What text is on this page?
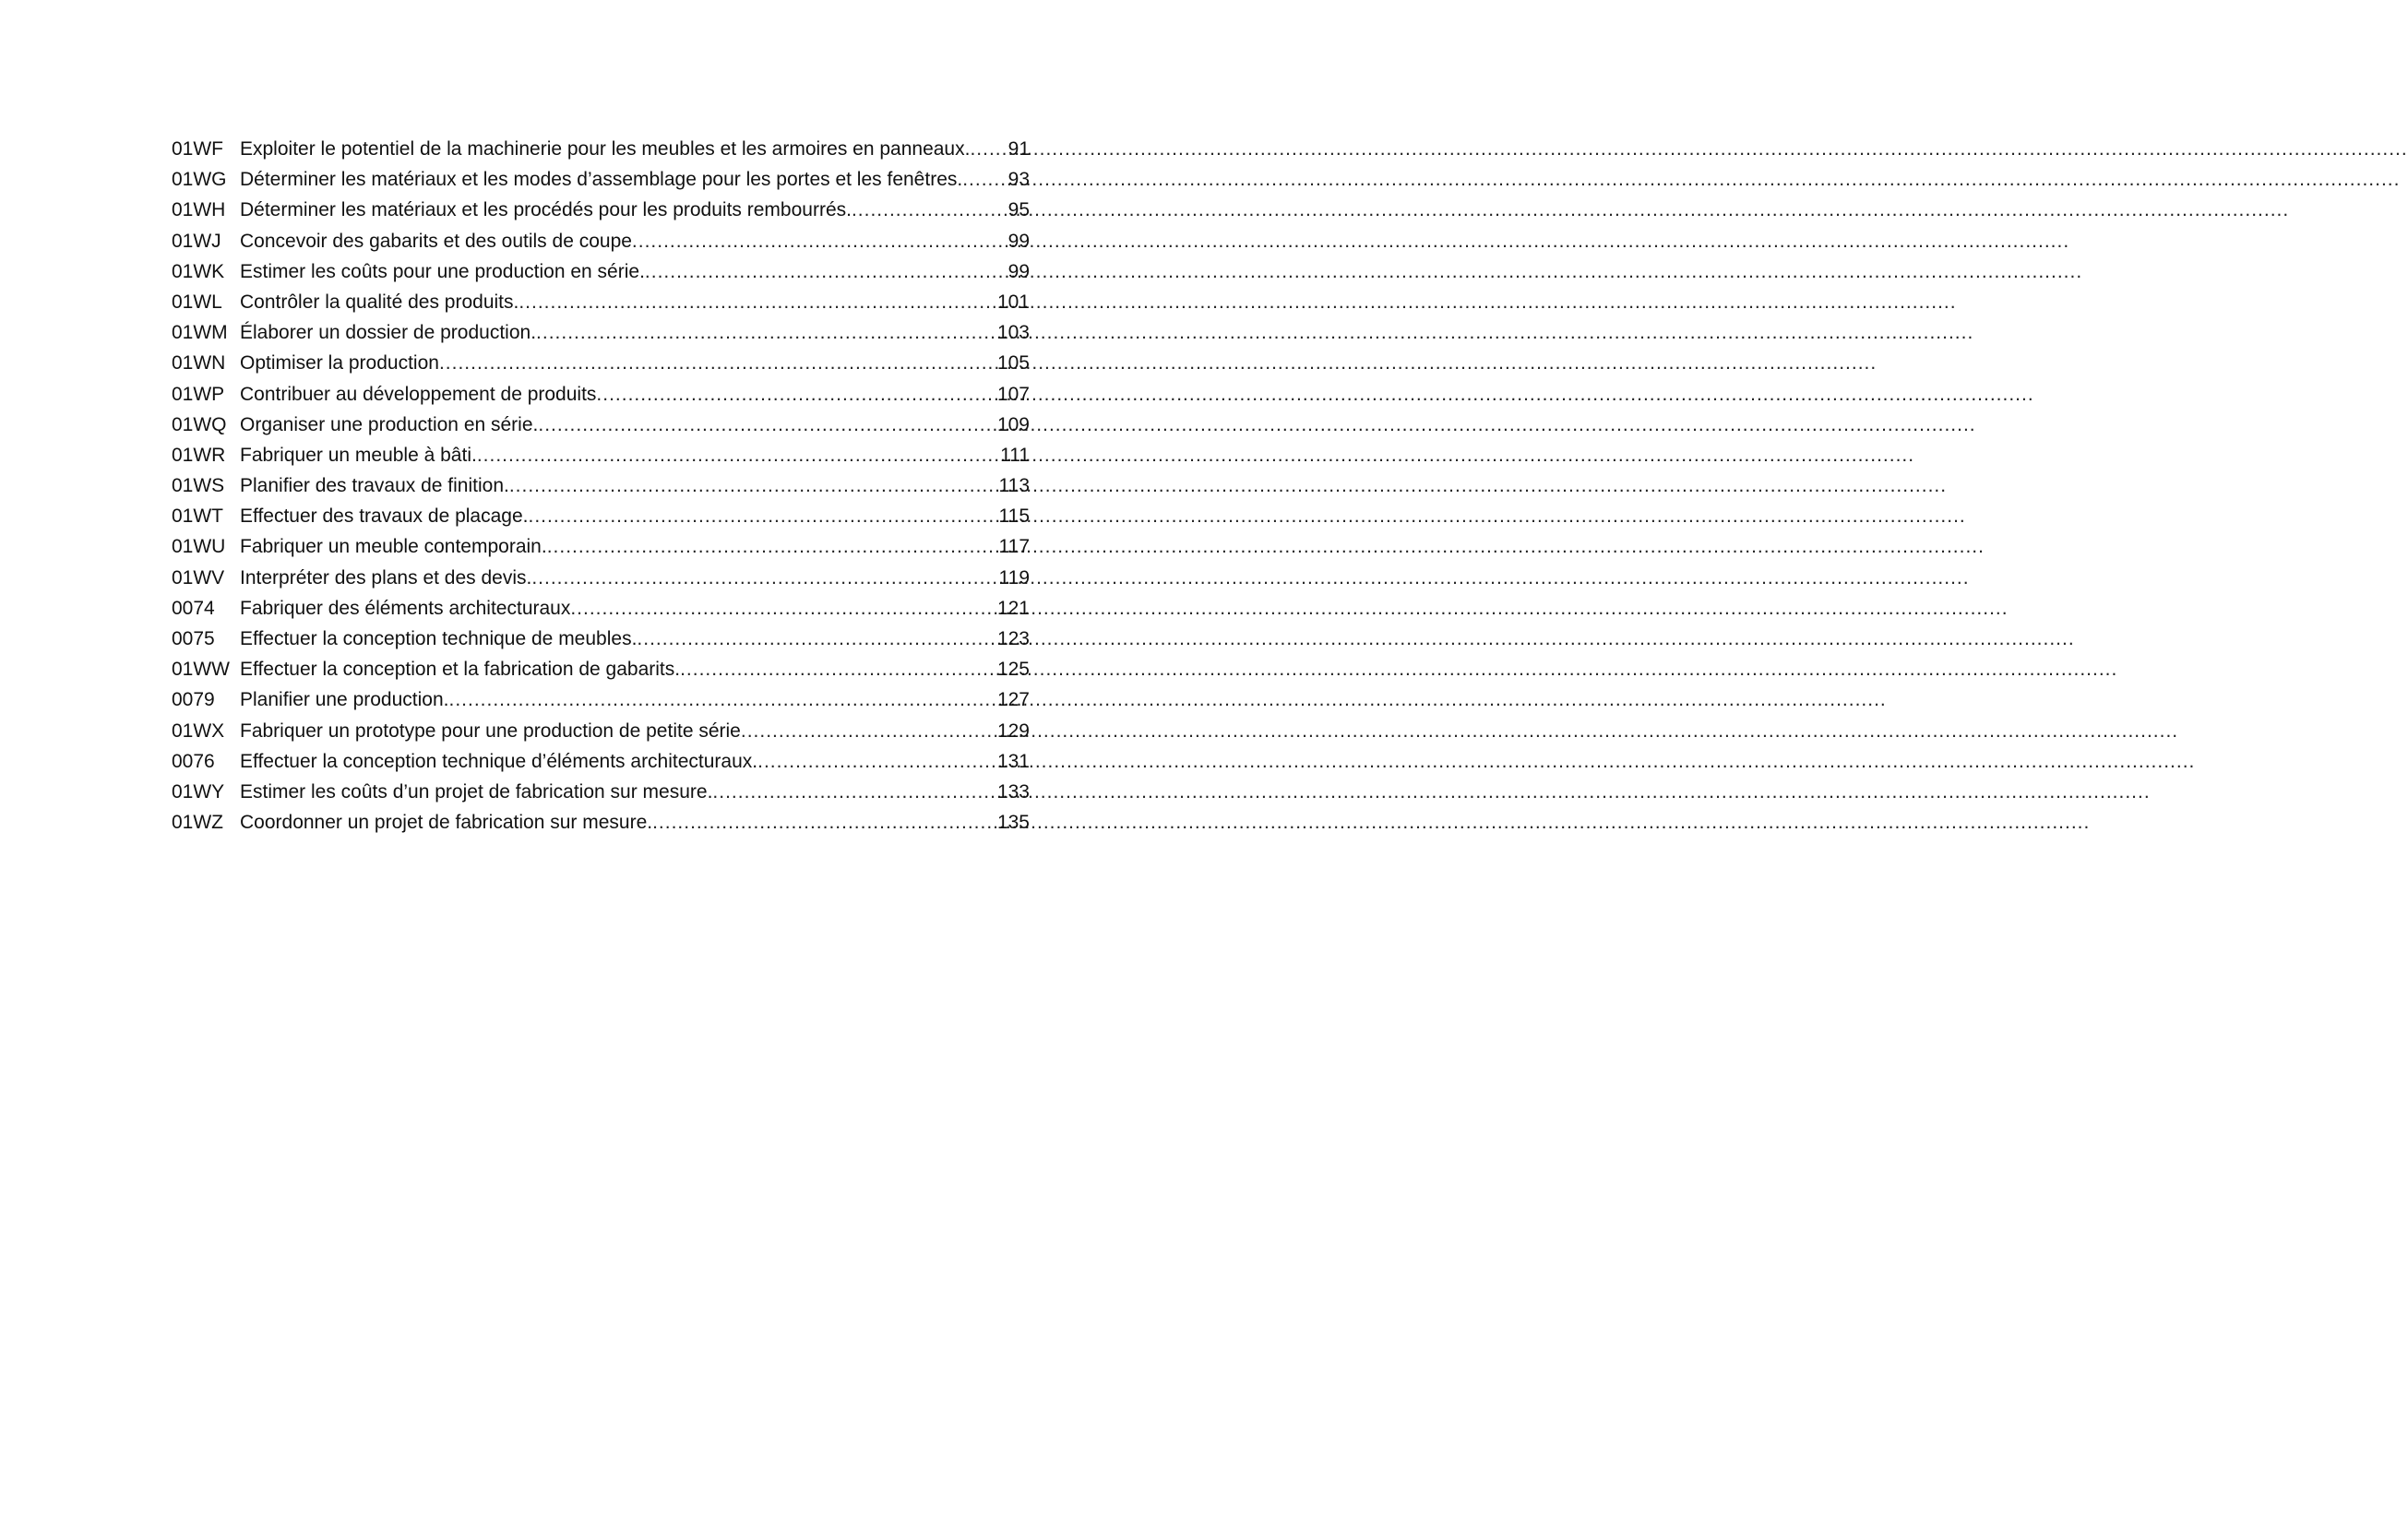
01WF Exploiter le potentiel de la machinerie pour les meubles et les armoires en panneaux. ..... 91
01WG Déterminer les matériaux et les modes d’assemblage pour les portes et les fenêtres. ..... 93
01WH Déterminer les matériaux et les procédés pour les produits rembourrés. .....	95
01WJ Concevoir des gabarits et des outils de coupe .....	99
01WK Estimer les coûts pour une production en série. .....	99
01WL Contrôler la qualité des produits. .....	101
01WM Élaborer un dossier de production. .....	103
01WN Optimiser la production .....	105
01WP Contribuer au développement de produits .....	107
01WQ Organiser une production en série. .....	109
01WR Fabriquer un meuble à bâti. .....	111
01WS Planifier des travaux de finition. .....	113
01WT Effectuer des travaux de placage. .....	115
01WU Fabriquer un meuble contemporain. .....	117
01WV Interpréter des plans et des devis. .....	119
0074	Fabriquer des éléments architecturaux .....	121
0075	Effectuer la conception technique de meubles. .....	123
01WW Effectuer la conception et la fabrication de gabarits. .....	125
0079	Planifier une production. .....	127
01WX Fabriquer un prototype pour une production de petite série .....	129
0076	Effectuer la conception technique d’éléments architecturaux. .....	131
01WY Estimer les coûts d’un projet de fabrication sur mesure. .....	133
01WZ Coordonner un projet de fabrication sur mesure. .....	135
